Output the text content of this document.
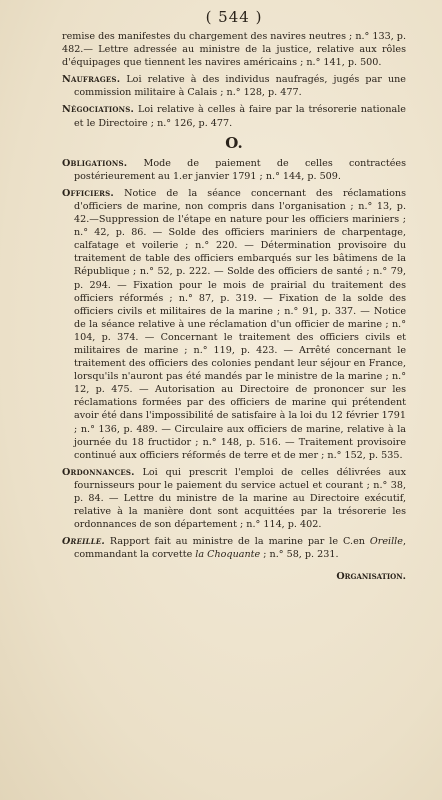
( 544 )

remise des manifestes du chargement des navires neutres ; n.° 133, p. 482.— Lettre adressée au ministre de la justice, relative aux rôles d'équipages que tiennent les navires américains ; n.° 141, p. 500.

Naufrages. Loi relative à des individus naufragés, jugés par une commission militaire à Calais ; n.° 128, p. 477.

Négociations. Loi relative à celles à faire par la trésorerie nationale et le Directoire ; n.° 126, p. 477.

O.

Obligations. Mode de paiement de celles contractées postérieurement au 1.er janvier 1791 ; n.° 144, p. 509.

Officiers. Notice de la séance concernant des réclamations d'officiers de marine, non compris dans l'organisation ; n.° 13, p. 42.—Suppression de l'étape en nature pour les officiers mariniers ; n.° 42, p. 86. — Solde des officiers mariniers de charpentage, calfatage et voilerie ; n.° 220. — Détermination provisoire du traitement de table des officiers embarqués sur les bâtimens de la République ; n.° 52, p. 222. — Solde des officiers de santé ; n.° 79, p. 294. — Fixation pour le mois de prairial du traitement des officiers réformés ; n.° 87, p. 319. — Fixation de la solde des officiers civils et militaires de la marine ; n.° 91, p. 337. — Notice de la séance relative à une réclamation d'un officier de marine ; n.° 104, p. 374. — Concernant le traitement des officiers civils et militaires de marine ; n.° 119, p. 423. — Arrêté concernant le traitement des officiers des colonies pendant leur séjour en France, lorsqu'ils n'auront pas été mandés par le ministre de la marine ; n.° 12, p. 475. — Autorisation au Directoire de prononcer sur les réclamations formées par des officiers de marine qui prétendent avoir été dans l'impossibilité de satisfaire à la loi du 12 février 1791 ; n.° 136, p. 489. — Circulaire aux officiers de marine, relative à la journée du 18 fructidor ; n.° 148, p. 516. — Traitement provisoire continué aux officiers réformés de terre et de mer ; n.° 152, p. 535.

Ordonnances. Loi qui prescrit l'emploi de celles délivrées aux fournisseurs pour le paiement du service actuel et courant ; n.° 38, p. 84. — Lettre du ministre de la marine au Directoire exécutif, relative à la manière dont sont acquittées par la trésorerie les ordonnances de son département ; n.° 114, p. 402.

Oreille. Rapport fait au ministre de la marine par le C.en Oreille, commandant la corvette la Choquante ; n.° 58, p. 231.

Organisation.
